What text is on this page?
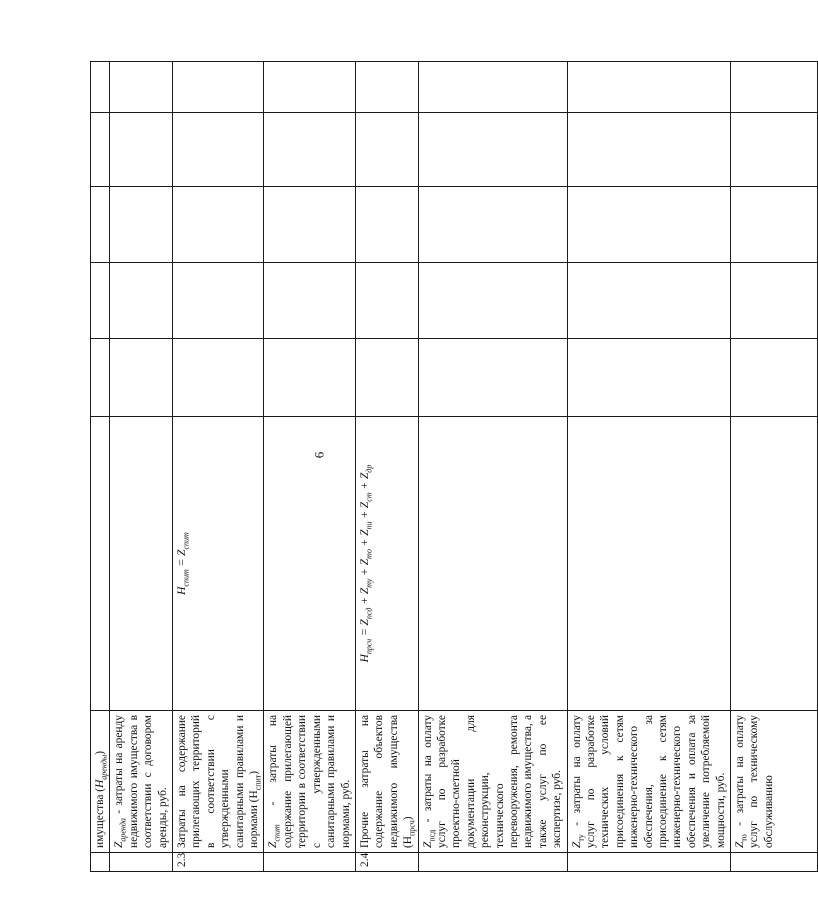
6
	имущества $(Н_{аренды})$						
	$Z_{аренда}$ - затраты на аренду недвижимого имущества в соответствии с договором аренды, руб.						
2.3	Затраты на содержание прилегающих территорий в соответствии с утвержденными санитарными правилами и нормами $(Н_{спит})$	$Н_{спит} = Z_{спит}$					
	$Z_{спит}$ - затраты на содержание прилегающей территории в соответствии с утвержденными санитарными правилами и нормами, руб.						
2.4	Прочие затраты на содержание объектов недвижимого имущества $(Н_{прсч})$	$Н_{прсч} = Z_{псд} + Z_{ту} + Z_{то} + Z_{пи} + Z_{ст} + Z_{др}$					
	$Z_{псд}$ - затраты на оплату услуг по разработке проектно-сметной документации для реконструкции, технического перевооружения, ремонта недвижимого имущества, а также услуг по ее экспертизе, руб.						
	$Z_{ту}$ - затраты на оплату услуг по разработке технических условий присоединения к сетям инженерно-технического обеспечения, за присоединение к сетям инженерно-технического обеспечения и оплата за увеличение потребляемой мощности, руб.						
	$Z_{то}$ - затраты на оплату услуг по техническому обслуживанию						
